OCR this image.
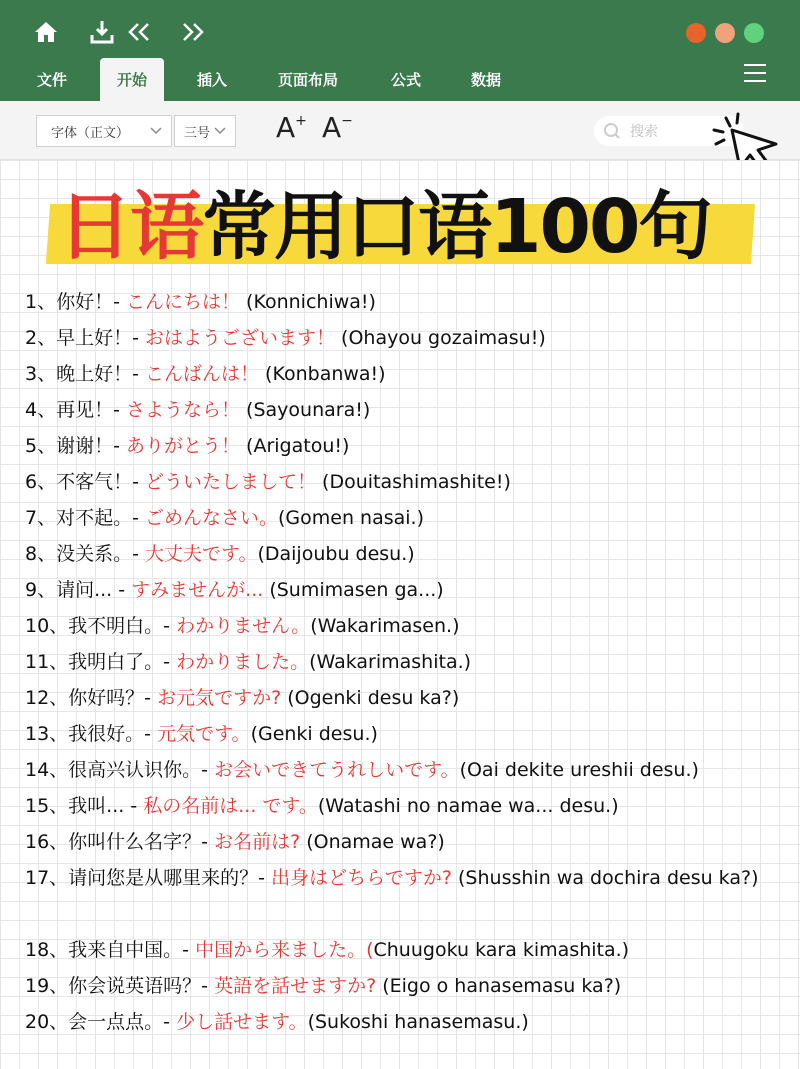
文件	开始	插入	页面布局	公式	数据
字体（正文）	三号 A+ A−
搜索
日语常用口语100句
1、你好！- こんにちは！ (Konnichiwa!)
2、早上好！- おはようございます！ (Ohayou gozaimasu!)
3、晚上好！- こんばんは！ (Konbanwa!)
4、再见！- さようなら！ (Sayounara!)
5、谢谢！- ありがとう！ (Arigatou!)
6、不客气！- どういたしまして！ (Douitashimashite!)
7、对不起。- ごめんなさい。(Gomen nasai.)
8、没关系。- 大丈夫です。(Daijoubu desu.)
9、请问... - すみませんが... (Sumimasen ga...)
10、我不明白。- わかりません。(Wakarimasen.)
11、我明白了。- わかりました。(Wakarimashita.)
12、你好吗？- お元気ですか? (Ogenki desu ka?)
13、我很好。- 元気です。(Genki desu.)
14、很高兴认识你。- お会いできてうれしいです。(Oai dekite ureshii desu.)
15、我叫... - 私の名前は... です。(Watashi no namae wa... desu.)
16、你叫什么名字？- お名前は? (Onamae wa?)
17、请问您是从哪里来的？- 出身はどちらですか? (Shusshin wa dochira desu ka?)
18、我来自中国。- 中国から来ました。(Chuugoku kara kimashita.)
19、你会说英语吗？- 英語を話せますか? (Eigo o hanasemasu ka?)
20、会一点点。- 少し話せます。(Sukoshi hanasemasu.)
